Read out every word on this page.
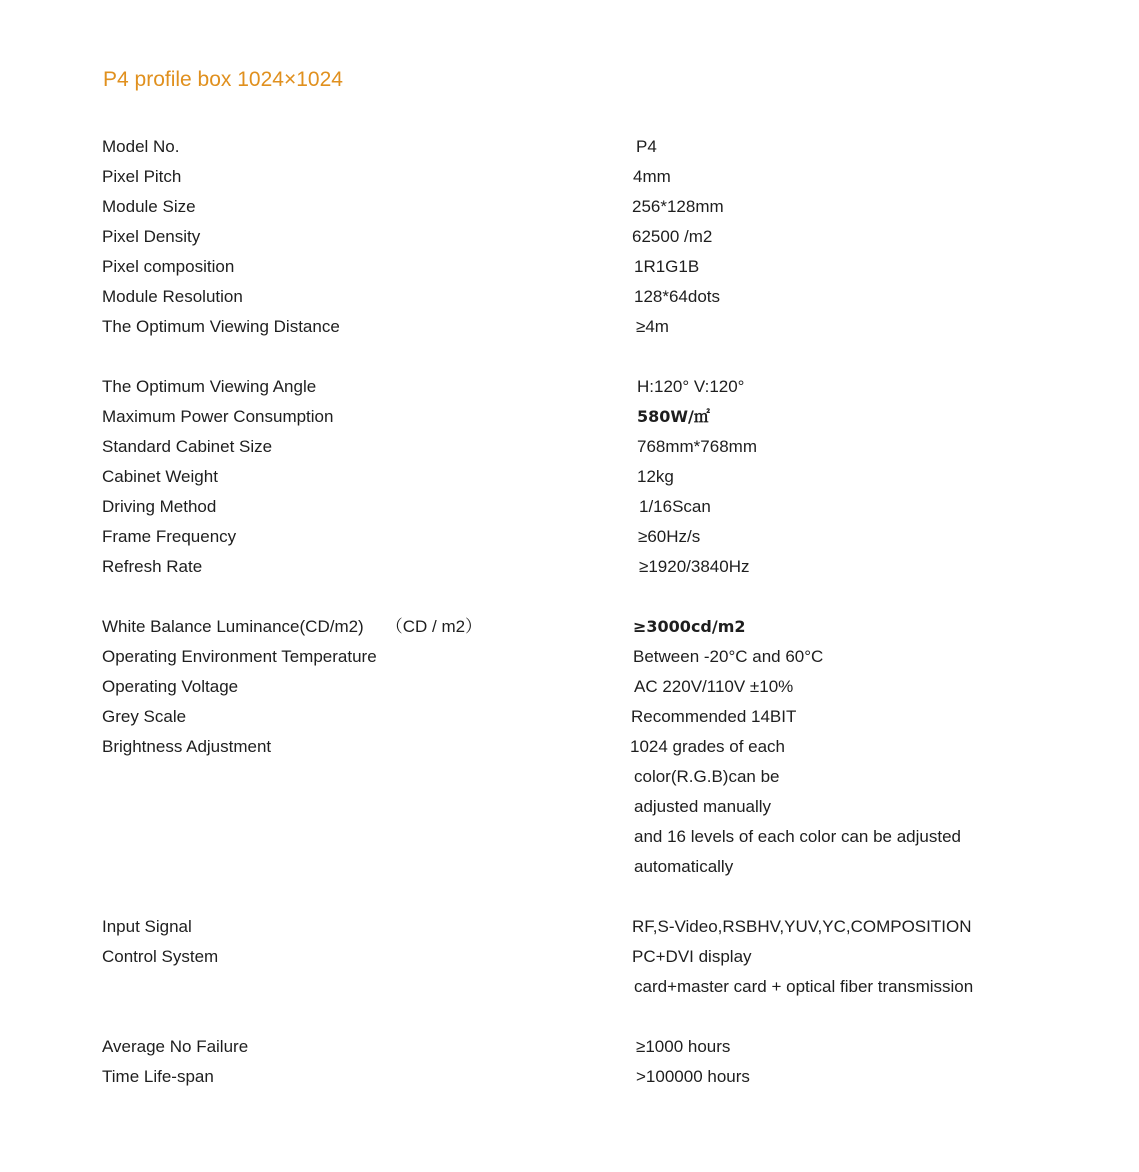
P4 profile box 1024×1024
Model No.	P4
Pixel Pitch	4mm
Module Size	256*128mm
Pixel Density	62500 /m2
Pixel composition	1R1G1B
Module Resolution	128*64dots
The Optimum Viewing Distance	≥4m
The Optimum Viewing Angle	H:120° V:120°
Maximum Power Consumption	580W/㎡
Standard Cabinet Size	768mm*768mm
Cabinet Weight	12kg
Driving Method	1/16Scan
Frame Frequency	≥60Hz/s
Refresh Rate	≥1920/3840Hz
White Balance Luminance(CD/m2) （CD / m2）	≥3000cd/m2
Operating Environment Temperature	Between -20°C and 60°C
Operating Voltage	AC 220V/110V ±10%
Grey Scale	Recommended 14BIT
Brightness Adjustment	1024 grades of each
color(R.G.B)can be
adjusted manually
and 16 levels of each color can be adjusted
automatically
Input Signal	RF,S-Video,RSBHV,YUV,YC,COMPOSITION
Control System	PC+DVI display
card+master card + optical fiber transmission
Average No Failure	≥1000 hours
Time Life-span	>100000 hours
